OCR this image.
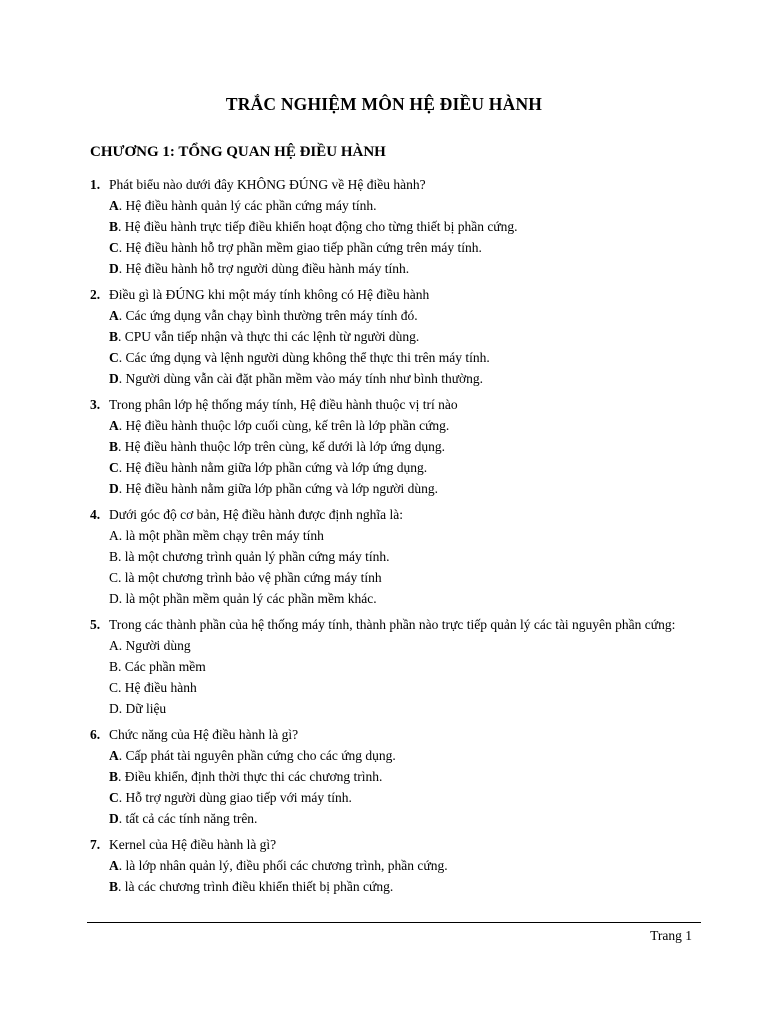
TRẮC NGHIỆM MÔN HỆ ĐIỀU HÀNH
CHƯƠNG 1: TỔNG QUAN HỆ ĐIỀU HÀNH
1. Phát biểu nào dưới đây KHÔNG ĐÚNG về Hệ điều hành?
A. Hệ điều hành quản lý các phần cứng máy tính.
B. Hệ điều hành trực tiếp điều khiển hoạt động cho từng thiết bị phần cứng.
C. Hệ điều hành hỗ trợ phần mềm giao tiếp phần cứng trên máy tính.
D. Hệ điều hành hỗ trợ người dùng điều hành máy tính.
2. Điều gì là ĐÚNG khi một máy tính không có Hệ điều hành
A. Các ứng dụng vẫn chạy bình thường trên máy tính đó.
B. CPU vẫn tiếp nhận và thực thi các lệnh từ người dùng.
C. Các ứng dụng và lệnh người dùng không thể thực thi trên máy tính.
D. Người dùng vẫn cài đặt phần mềm vào máy tính như bình thường.
3. Trong phân lớp hệ thống máy tính, Hệ điều hành thuộc vị trí nào
A. Hệ điều hành thuộc lớp cuối cùng, kế trên là lớp phần cứng.
B. Hệ điều hành thuộc lớp trên cùng, kế dưới là lớp ứng dụng.
C. Hệ điều hành nằm giữa lớp phần cứng và lớp ứng dụng.
D. Hệ điều hành nằm giữa lớp phần cứng và lớp người dùng.
4. Dưới góc độ cơ bản, Hệ điều hành được định nghĩa là:
A. là một phần mềm chạy trên máy tính
B. là một chương trình quản lý phần cứng máy tính.
C. là một chương trình bảo vệ phần cứng máy tính
D. là một phần mềm quản lý các phần mềm khác.
5. Trong các thành phần của hệ thống máy tính, thành phần nào trực tiếp quản lý các tài nguyên phần cứng:
A. Người dùng
B. Các phần mềm
C. Hệ điều hành
D. Dữ liệu
6. Chức năng của Hệ điều hành là gì?
A. Cấp phát tài nguyên phần cứng cho các ứng dụng.
B. Điều khiển, định thời thực thi các chương trình.
C. Hỗ trợ người dùng giao tiếp với máy tính.
D. tất cả các tính năng trên.
7. Kernel của Hệ điều hành là gì?
A. là lớp nhân quản lý, điều phối các chương trình, phần cứng.
B. là các chương trình điều khiển thiết bị phần cứng.
Trang 1
